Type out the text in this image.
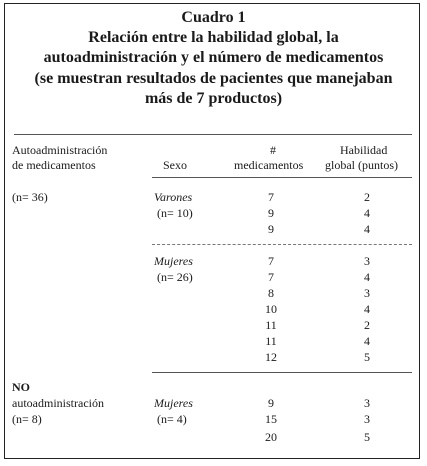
Cuadro 1
Relación entre la habilidad global, la
autoadministración y el número de medicamentos
(se muestran resultados de pacientes que manejaban
más de 7 productos)
Autoadministración
de medicamentos	Sexo
#
medicamentos
Habilidad
global (puntos)
(n= 36)	Varones
(n= 10)
7
9
9
2
4
4
Mujeres
(n= 26)
7
7
8
10
11
11
12
3
4
3
4
2
4
5
NO
autoadministración
(n= 8)
Mujeres
(n= 4)
9
15
20
3
3
5
